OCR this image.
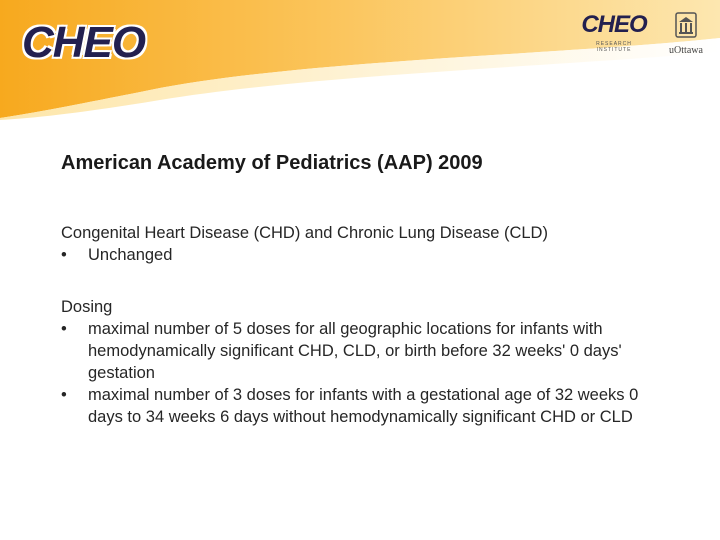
CHEO	CHEO
RESEARCH INSTITUTE	uOttawa
American Academy of Pediatrics (AAP) 2009

Congenital Heart Disease (CHD) and Chronic Lung Disease (CLD)

• Unchanged

Dosing

• maximal number of 5 doses for all geographic locations for infants with hemodynamically significant CHD, CLD, or birth before 32 weeks' 0 days' gestation
• maximal number of 3 doses for infants with a gestational age of 32 weeks 0 days to 34 weeks 6 days without hemodynamically significant CHD or CLD
